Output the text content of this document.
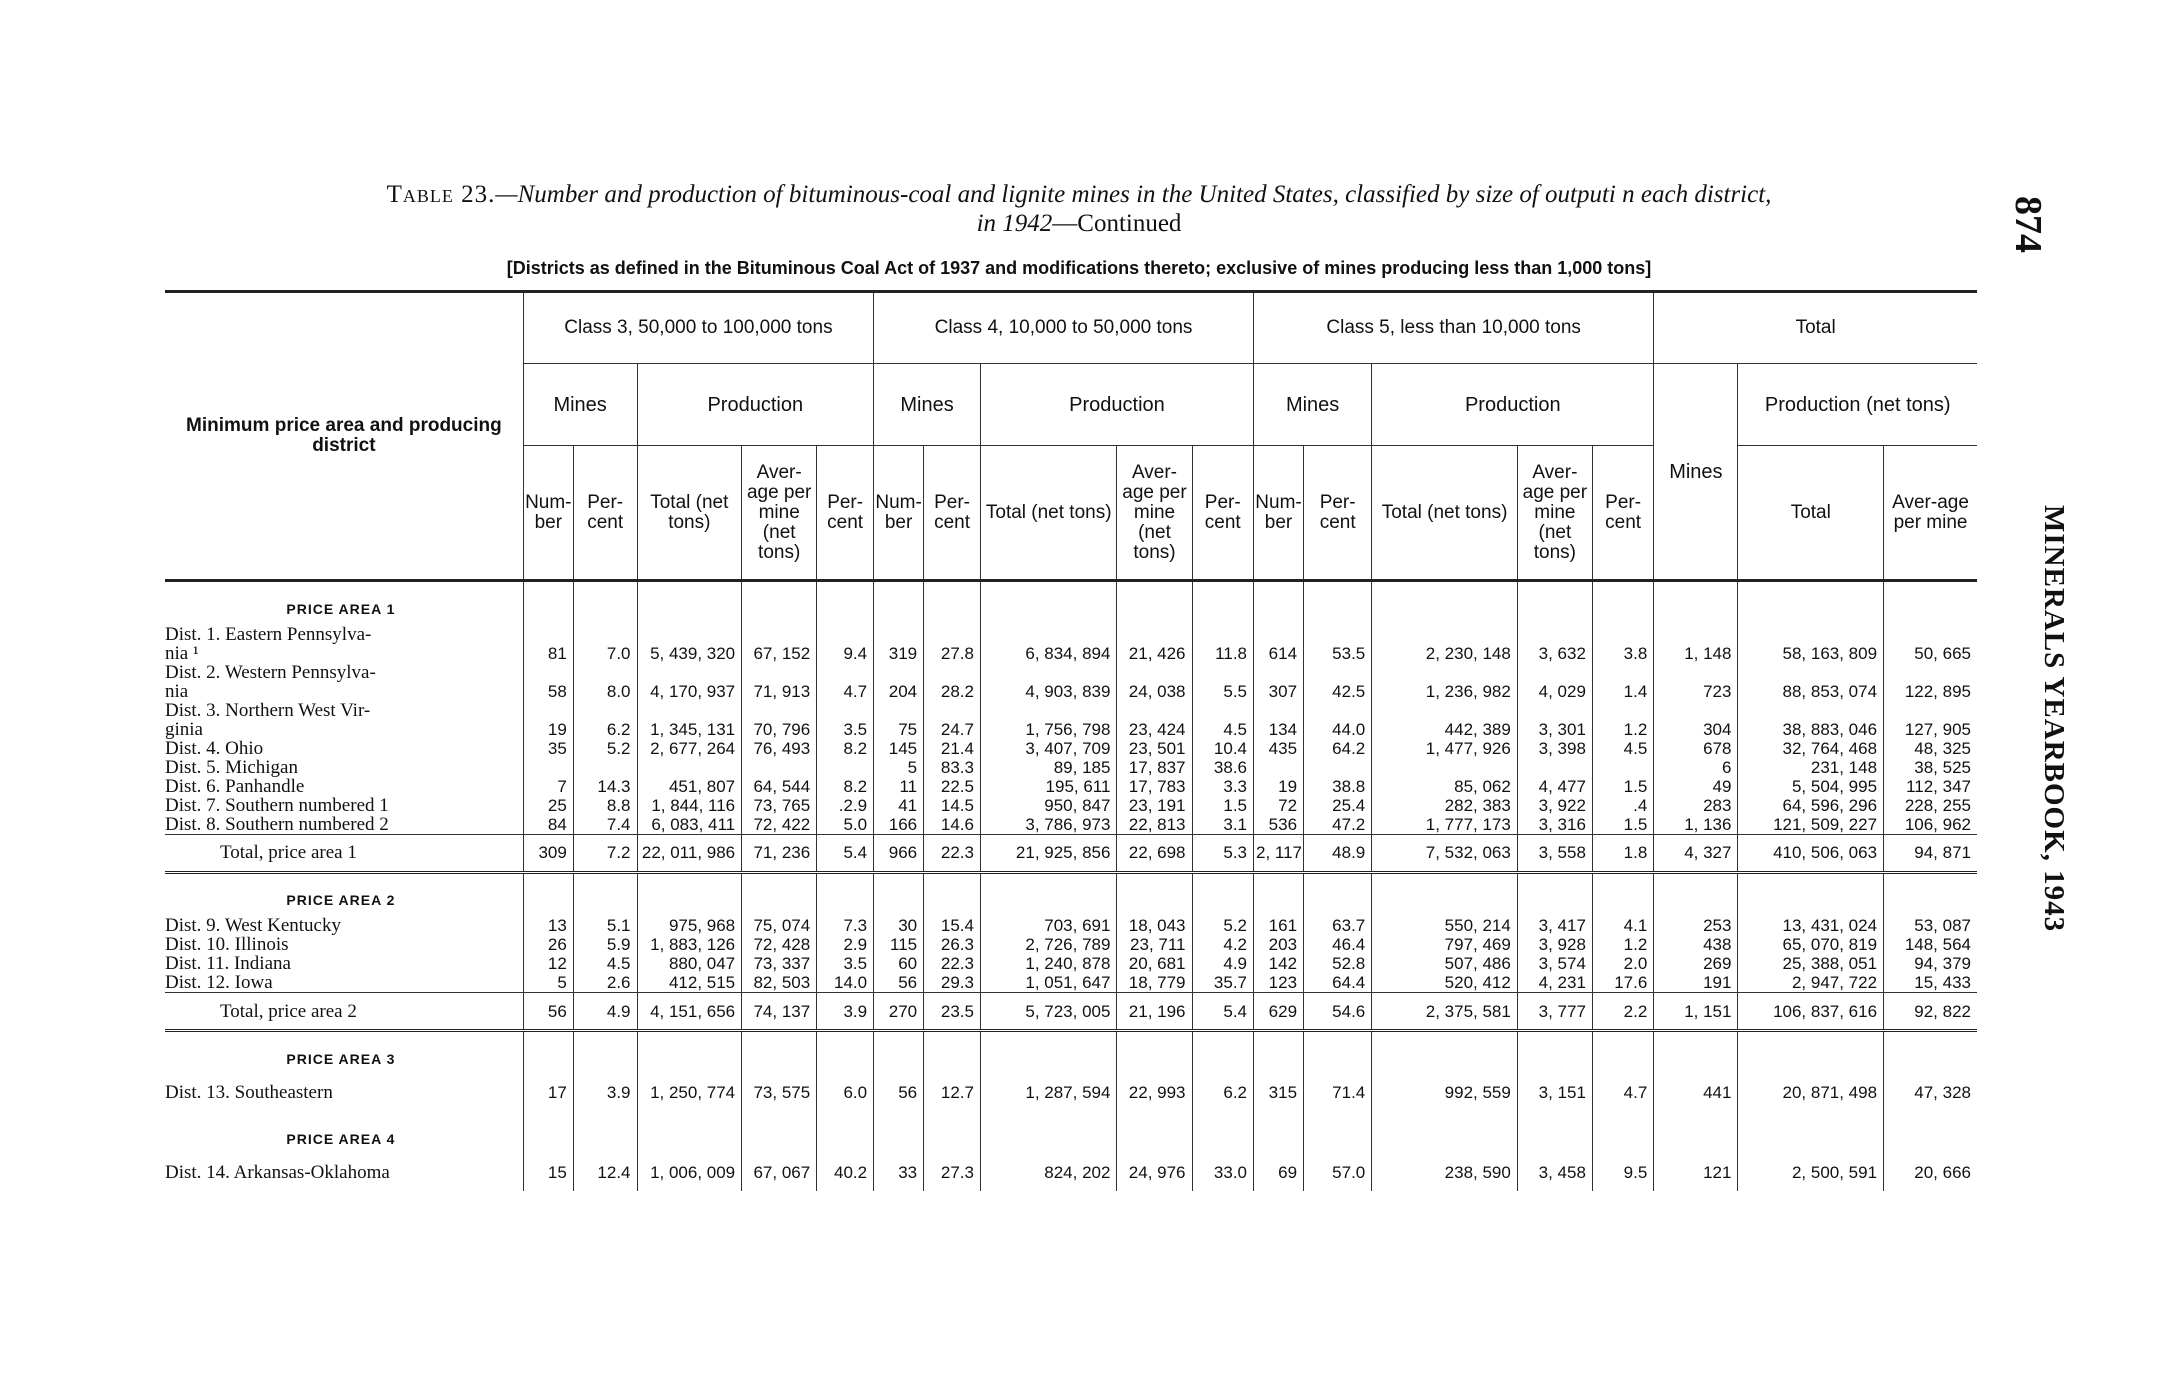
Table 23.—Number and production of bituminous-coal and lignite mines in the United States, classified by size of outputi n each district,
in 1942—Continued
[Districts as defined in the Bituminous Coal Act of 1937 and modifications thereto; exclusive of mines producing less than 1,000 tons]
874
MINERALS YEARBOOK, 1943
Minimum price area and producing district	Class 3, 50,000 to 100,000 tons					Class 4, 10,000 to 50,000 tons					Class 5, less than 10,000 tons					Total		
	Mines		Production			Mines		Production			Mines		Production			Mines	Production (net tons)	
	Num-ber	Per-cent	Total (net tons)	Aver-age per mine (net tons)	Per-cent	Num-ber	Per-cent	Total (net tons)	Aver-age per mine (net tons)	Per-cent	Num-ber	Per-cent	Total (net tons)	Aver-age per mine (net tons)	Per-cent		Total	Aver-age per mine
PRICE AREA 1																		
Dist. 1. Eastern Pennsylva-																		
nia ¹	81	7.0	5, 439, 320	67, 152	9.4	319	27.8	6, 834, 894	21, 426	11.8	614	53.5	2, 230, 148	3, 632	3.8	1, 148	58, 163, 809	50, 665
Dist. 2. Western Pennsylva-																		
nia	58	8.0	4, 170, 937	71, 913	4.7	204	28.2	4, 903, 839	24, 038	5.5	307	42.5	1, 236, 982	4, 029	1.4	723	88, 853, 074	122, 895
Dist. 3. Northern West Vir-																		
ginia	19	6.2	1, 345, 131	70, 796	3.5	75	24.7	1, 756, 798	23, 424	4.5	134	44.0	442, 389	3, 301	1.2	304	38, 883, 046	127, 905
Dist. 4. Ohio	35	5.2	2, 677, 264	76, 493	8.2	145	21.4	3, 407, 709	23, 501	10.4	435	64.2	1, 477, 926	3, 398	4.5	678	32, 764, 468	48, 325
Dist. 5. Michigan						5	83.3	89, 185	17, 837	38.6						6	231, 148	38, 525
Dist. 6. Panhandle	7	14.3	451, 807	64, 544	8.2	11	22.5	195, 611	17, 783	3.3	19	38.8	85, 062	4, 477	1.5	49	5, 504, 995	112, 347
Dist. 7. Southern numbered 1	25	8.8	1, 844, 116	73, 765	.2.9	41	14.5	950, 847	23, 191	1.5	72	25.4	282, 383	3, 922	.4	283	64, 596, 296	228, 255
Dist. 8. Southern numbered 2	84	7.4	6, 083, 411	72, 422	5.0	166	14.6	3, 786, 973	22, 813	3.1	536	47.2	1, 777, 173	3, 316	1.5	1, 136	121, 509, 227	106, 962
Total, price area 1	309	7.2	22, 011, 986	71, 236	5.4	966	22.3	21, 925, 856	22, 698	5.3	2, 117	48.9	7, 532, 063	3, 558	1.8	4, 327	410, 506, 063	94, 871
PRICE AREA 2																		
Dist. 9. West Kentucky	13	5.1	975, 968	75, 074	7.3	30	15.4	703, 691	18, 043	5.2	161	63.7	550, 214	3, 417	4.1	253	13, 431, 024	53, 087
Dist. 10. Illinois	26	5.9	1, 883, 126	72, 428	2.9	115	26.3	2, 726, 789	23, 711	4.2	203	46.4	797, 469	3, 928	1.2	438	65, 070, 819	148, 564
Dist. 11. Indiana	12	4.5	880, 047	73, 337	3.5	60	22.3	1, 240, 878	20, 681	4.9	142	52.8	507, 486	3, 574	2.0	269	25, 388, 051	94, 379
Dist. 12. Iowa	5	2.6	412, 515	82, 503	14.0	56	29.3	1, 051, 647	18, 779	35.7	123	64.4	520, 412	4, 231	17.6	191	2, 947, 722	15, 433
Total, price area 2	56	4.9	4, 151, 656	74, 137	3.9	270	23.5	5, 723, 005	21, 196	5.4	629	54.6	2, 375, 581	3, 777	2.2	1, 151	106, 837, 616	92, 822
PRICE AREA 3																		
Dist. 13. Southeastern	17	3.9	1, 250, 774	73, 575	6.0	56	12.7	1, 287, 594	22, 993	6.2	315	71.4	992, 559	3, 151	4.7	441	20, 871, 498	47, 328
PRICE AREA 4																		
Dist. 14. Arkansas-Oklahoma	15	12.4	1, 006, 009	67, 067	40.2	33	27.3	824, 202	24, 976	33.0	69	57.0	238, 590	3, 458	9.5	121	2, 500, 591	20, 666
